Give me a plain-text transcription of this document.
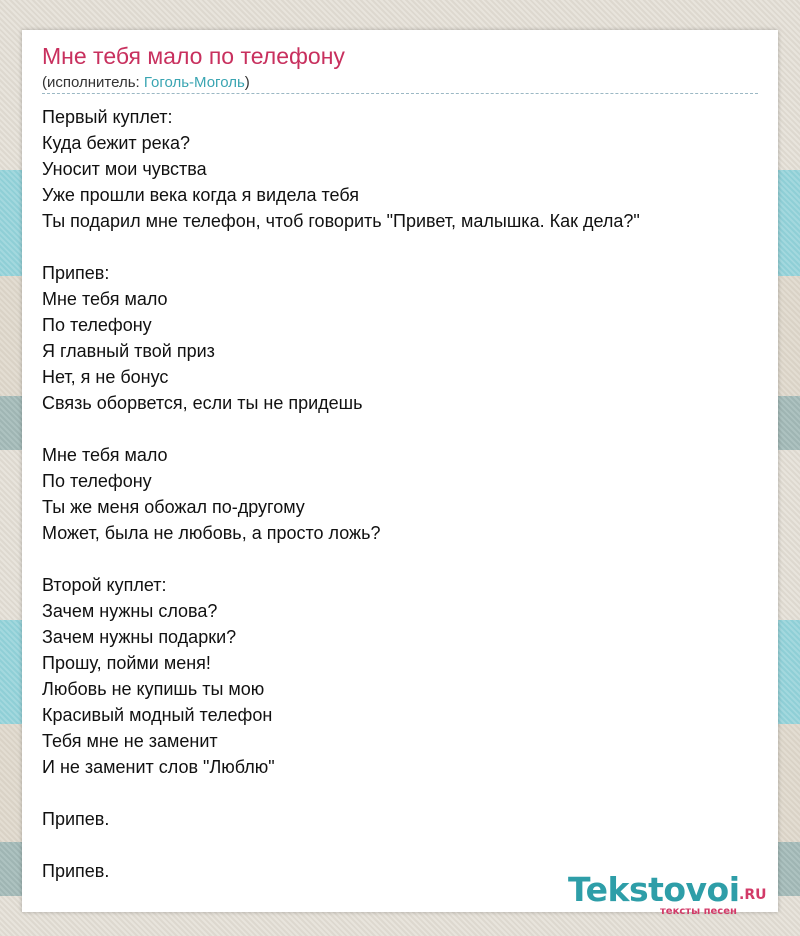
Мне тебя мало по телефону
(исполнитель: Гоголь-Моголь)
Первый куплет:
Куда бежит река?
Уносит мои чувства
Уже прошли века когда я видела тебя
Ты подарил мне телефон, чтоб говорить "Привет, малышка. Как дела?"
Припев:
Мне тебя мало
По телефону
Я главный твой приз
Нет, я не бонус
Связь оборвется, если ты не придешь
Мне тебя мало
По телефону
Ты же меня обожал по-другому
Может, была не любовь, а просто ложь?
Второй куплет:
Зачем нужны слова?
Зачем нужны подарки?
Прошу, пойми меня!
Любовь не купишь ты мою
Красивый модный телефон
Тебя мне не заменит
И не заменит слов "Люблю"
Припев.
Припев.	Tekstovoi .RU
тексты песен
